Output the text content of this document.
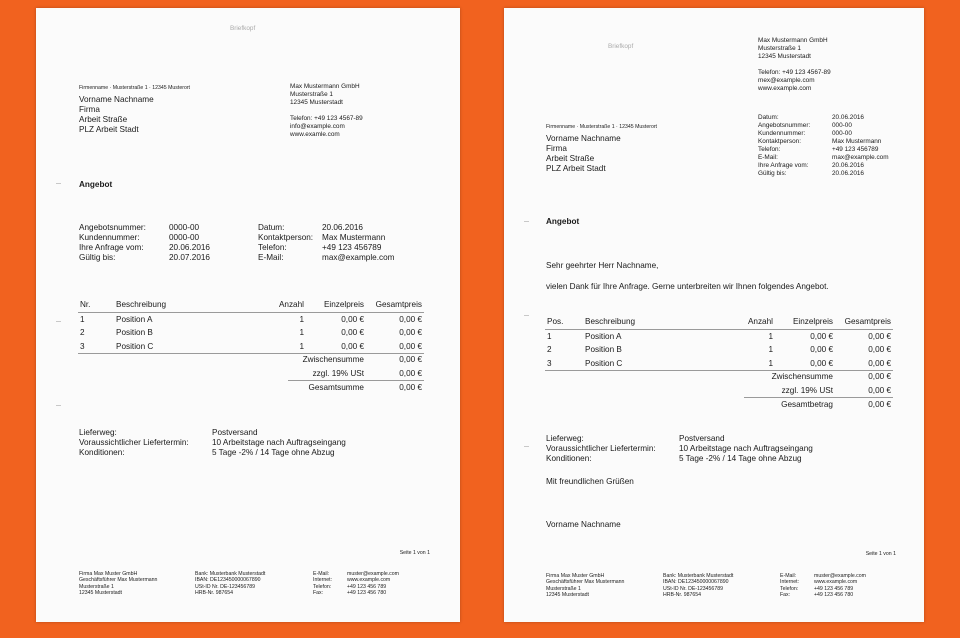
Briefkopf
Firmenname · Musterstraße 1 · 12345 Musterort
Vorname Nachname
Firma
Arbeit Straße
PLZ Arbeit Stadt
Max Mustermann GmbH
Musterstraße 1
12345 Musterstadt
Telefon: +49 123 4567-89
info@example.com
www.examle.com
Angebot
Angebotsnummer:	0000-00
Kundennummer:	0000-00
Ihre Anfrage vom:	20.06.2016
Gültig bis:	20.07.2016
Datum:	20.06.2016
Kontaktperson:	Max Mustermann
Telefon:	+49 123 456789
E-Mail:	max@example.com
Nr.	Beschreibung	Anzahl	Einzelpreis	Gesamtpreis
1	Position A	1	0,00 €	0,00 €
2	Position B	1	0,00 €	0,00 €
3	Position C	1	0,00 €	0,00 €
Zwischensumme	0,00 €
zzgl. 19% USt	0,00 €
Gesamtsumme	0,00 €
Lieferweg:	Postversand
Voraussichtlicher Liefertermin:	10 Arbeitstage nach Auftragseingang
Konditionen:	5 Tage -2% / 14 Tage ohne Abzug
Seite 1 von 1
Firma Max Muster GmbH
Geschäftsführer Max Mustermann
Musterstraße 1
12345 Musterstadt
Bank: Musterbank Musterstadt
IBAN: DE123450000067890
USt-ID Nr. DE-123456789
HRB-Nr. 987654
E-Mail:	muster@example.com
Internet:	www.example.com
Telefon:	+49 123 456 789
Fax:	+49 123 456 780
Briefkopf
Max Mustermann GmbH
Musterstraße 1
12345 Musterstadt
Telefon: +49 123 4567-89
mex@example.com
www.example.com
Datum:	20.06.2016
Angebotsnummer:	000-00
Kundennummer:	000-00
Kontaktperson:	Max Mustermann
Telefon:	+49 123 456789
E-Mail:	max@example.com
Ihre Anfrage vom:	20.06.2016
Gültig bis:	20.06.2016
Firmenname · Musterstraße 1 · 12345 Musterort
Vorname Nachname
Firma
Arbeit Straße
PLZ Arbeit Stadt
Angebot
Sehr geehrter Herr Nachname,
vielen Dank für Ihre Anfrage. Gerne unterbreiten wir Ihnen folgendes Angebot.
Pos.	Beschreibung	Anzahl	Einzelpreis	Gesamtpreis
1	Position A	1	0,00 €	0,00 €
2	Position B	1	0,00 €	0,00 €
3	Position C	1	0,00 €	0,00 €
Zwischensumme	0,00 €
zzgl. 19% USt	0,00 €
Gesamtbetrag	0,00 €
Lieferweg:	Postversand
Voraussichtlicher Liefertermin:	10 Arbeitstage nach Auftragseingang
Konditionen:	5 Tage -2% / 14 Tage ohne Abzug
Mit freundlichen Grüßen
Vorname Nachname
Seite 1 von 1
Firma Max Muster GmbH
Geschäftsführer Max Mustermann
Musterstraße 1
12345 Musterstadt
Bank: Musterbank Musterstadt
IBAN: DE123450000067890
USt-ID Nr. DE-123456789
HRB-Nr. 987654
E-Mail:	muster@example.com
Internet:	www.example.com
Telefon:	+49 123 456 789
Fax:	+49 123 456 780
